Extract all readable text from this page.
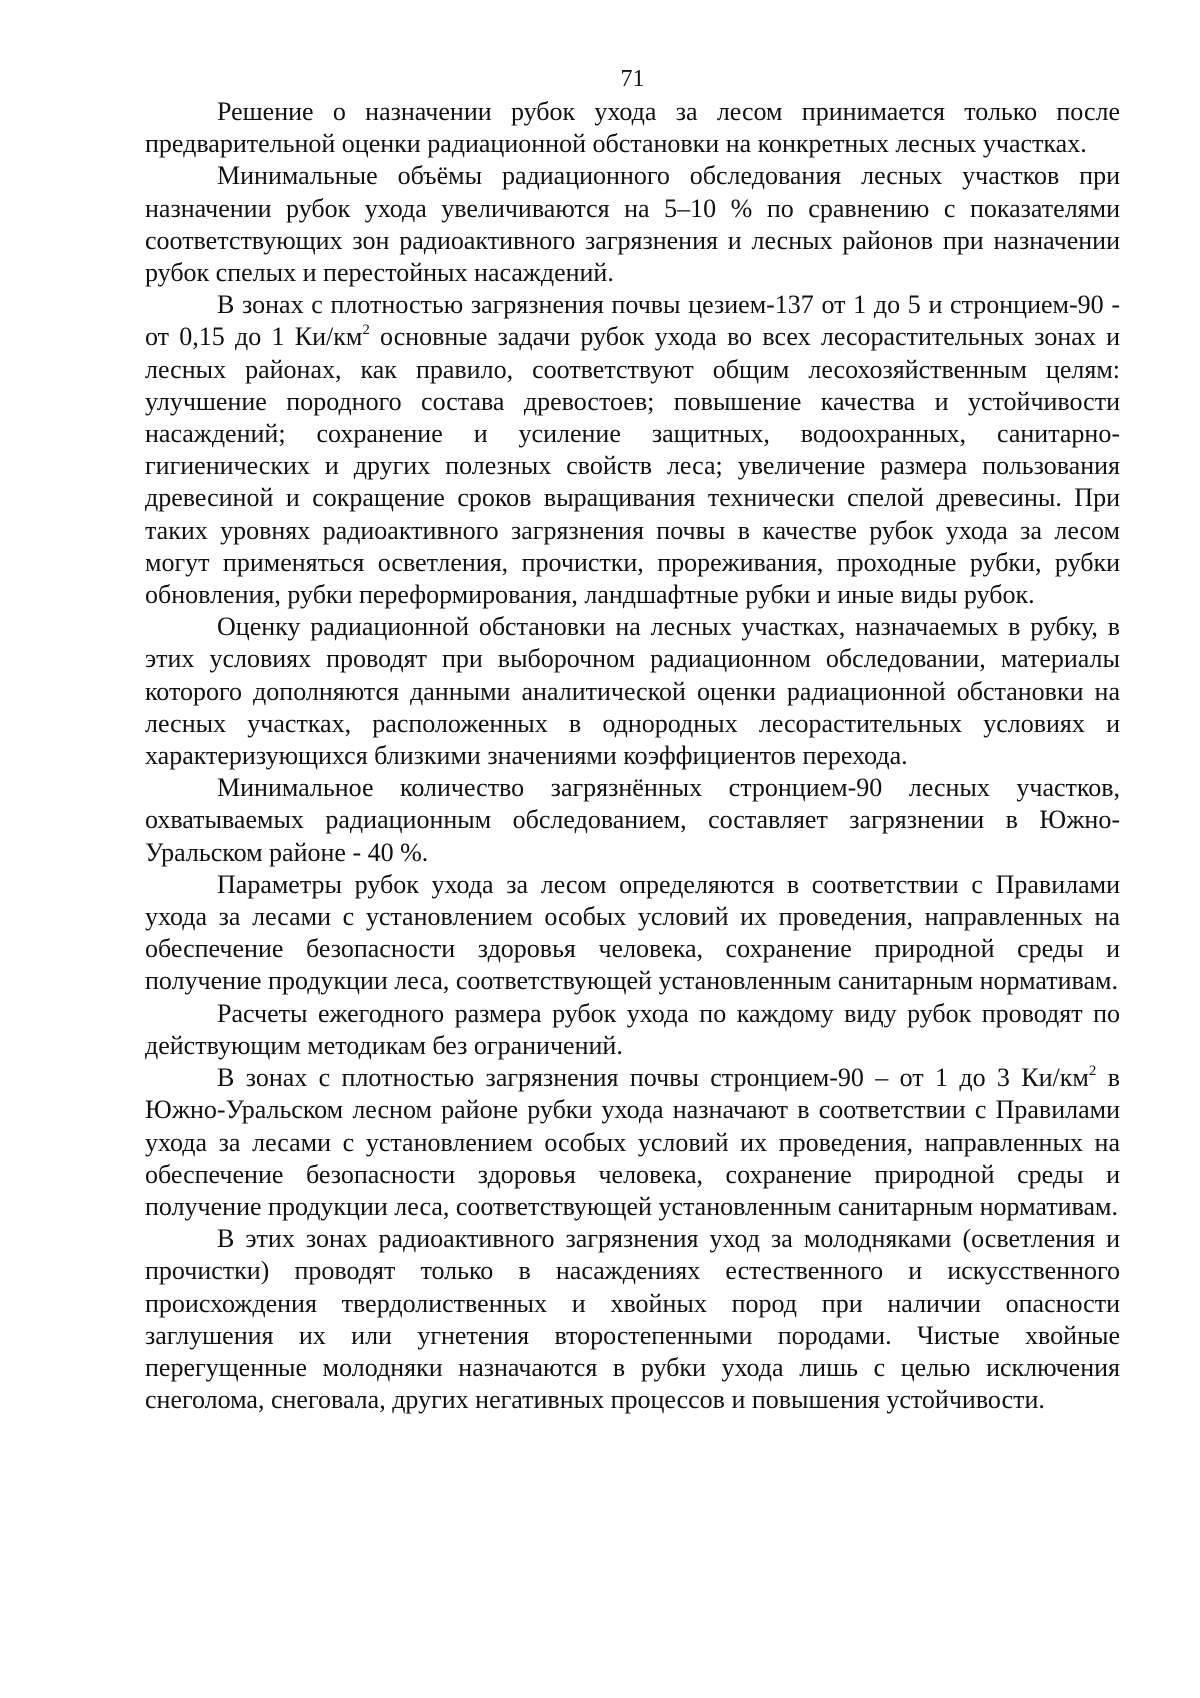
71

Решение о назначении рубок ухода за лесом принимается только после предварительной оценки радиационной обстановки на конкретных лесных участках.

Минимальные объёмы радиационного обследования лесных участков при назначении рубок ухода увеличиваются на 5–10 % по сравнению с показателями соответствующих зон радиоактивного загрязнения и лесных районов при назначении рубок спелых и перестойных насаждений.

В зонах с плотностью загрязнения почвы цезием-137 от 1 до 5 и стронцием-90 - от 0,15 до 1 $Ки/км^2$ основные задачи рубок ухода во всех лесорастительных зонах и лесных районах, как правило, соответствуют общим лесохозяйственным целям: улучшение породного состава древостоев; повышение качества и устойчивости насаждений; сохранение и усиление защитных, водоохранных, санитарно-гигиенических и других полезных свойств леса; увеличение размера пользования древесиной и сокращение сроков выращивания технически спелой древесины. При таких уровнях радиоактивного загрязнения почвы в качестве рубок ухода за лесом могут применяться осветления, прочистки, прореживания, проходные рубки, рубки обновления, рубки переформирования, ландшафтные рубки и иные виды рубок.

Оценку радиационной обстановки на лесных участках, назначаемых в рубку, в этих условиях проводят при выборочном радиационном обследовании, материалы которого дополняются данными аналитической оценки радиационной обстановки на лесных участках, расположенных в однородных лесорастительных условиях и характеризующихся близкими значениями коэффициентов перехода.

Минимальное количество загрязнённых стронцием-90 лесных участков, охватываемых радиационным обследованием, составляет загрязнении в Южно-Уральском районе - 40 %.

Параметры рубок ухода за лесом определяются в соответствии с Правилами ухода за лесами с установлением особых условий их проведения, направленных на обеспечение безопасности здоровья человека, сохранение природной среды и получение продукции леса, соответствующей установленным санитарным нормативам.

Расчеты ежегодного размера рубок ухода по каждому виду рубок проводят по действующим методикам без ограничений.

В зонах с плотностью загрязнения почвы стронцием-90 – от 1 до 3 $Ки/км^2$ в Южно-Уральском лесном районе рубки ухода назначают в соответствии с Правилами ухода за лесами с установлением особых условий их проведения, направленных на обеспечение безопасности здоровья человека, сохранение природной среды и получение продукции леса, соответствующей установленным санитарным нормативам.

В этих зонах радиоактивного загрязнения уход за молодняками (осветления и прочистки) проводят только в насаждениях естественного и искусственного происхождения твердолиственных и хвойных пород при наличии опасности заглушения их или угнетения второстепенными породами. Чистые хвойные перегущенные молодняки назначаются в рубки ухода лишь с целью исключения снеголома, снеговала, других негативных процессов и повышения устойчивости.
